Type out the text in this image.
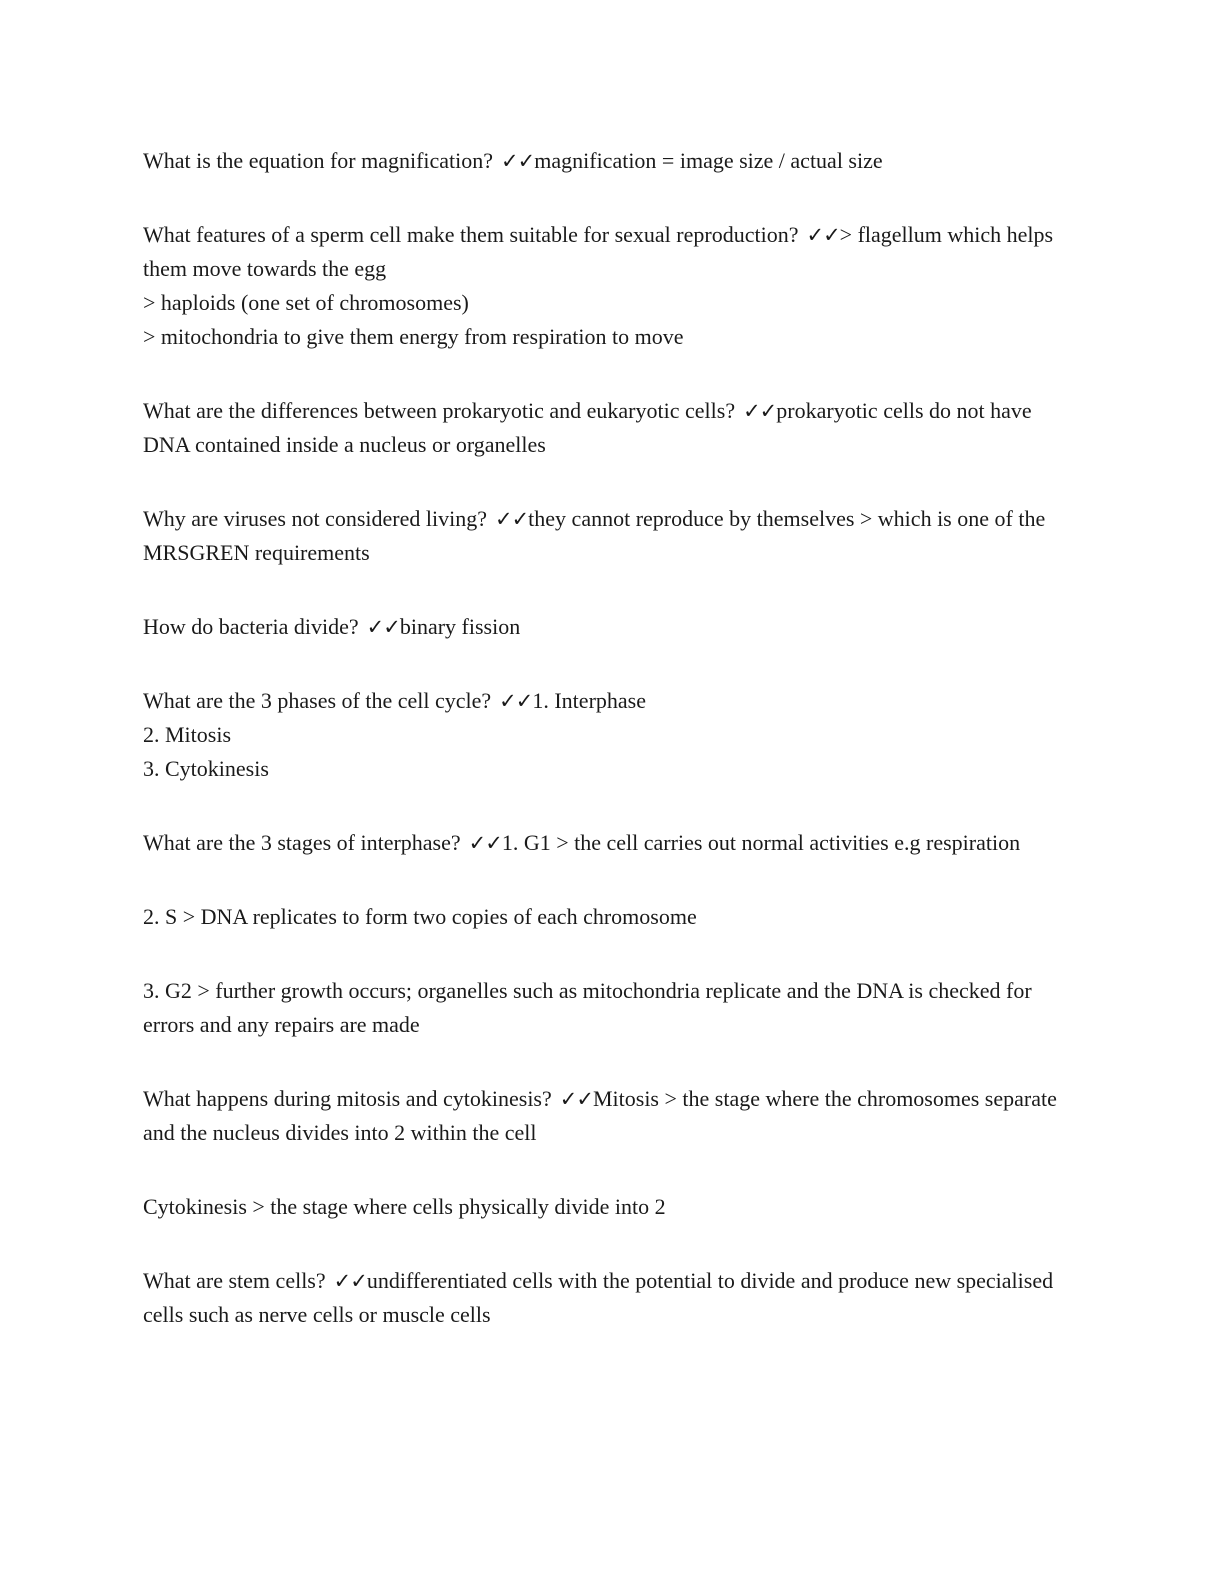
What is the equation for magnification? ✓✓magnification = image size / actual size
What features of a sperm cell make them suitable for sexual reproduction? ✓✓> flagellum which helps them move towards the egg
> haploids (one set of chromosomes)
> mitochondria to give them energy from respiration to move
What are the differences between prokaryotic and eukaryotic cells? ✓✓prokaryotic cells do not have DNA contained inside a nucleus or organelles
Why are viruses not considered living? ✓✓they cannot reproduce by themselves > which is one of the MRSGREN requirements
How do bacteria divide? ✓✓binary fission
What are the 3 phases of the cell cycle? ✓✓1. Interphase
2. Mitosis
3. Cytokinesis
What are the 3 stages of interphase? ✓✓1. G1 > the cell carries out normal activities e.g respiration
2. S > DNA replicates to form two copies of each chromosome
3. G2 > further growth occurs; organelles such as mitochondria replicate and the DNA is checked for errors and any repairs are made
What happens during mitosis and cytokinesis? ✓✓Mitosis > the stage where the chromosomes separate and the nucleus divides into 2 within the cell
Cytokinesis > the stage where cells physically divide into 2
What are stem cells? ✓✓undifferentiated cells with the potential to divide and produce new specialised cells such as nerve cells or muscle cells
